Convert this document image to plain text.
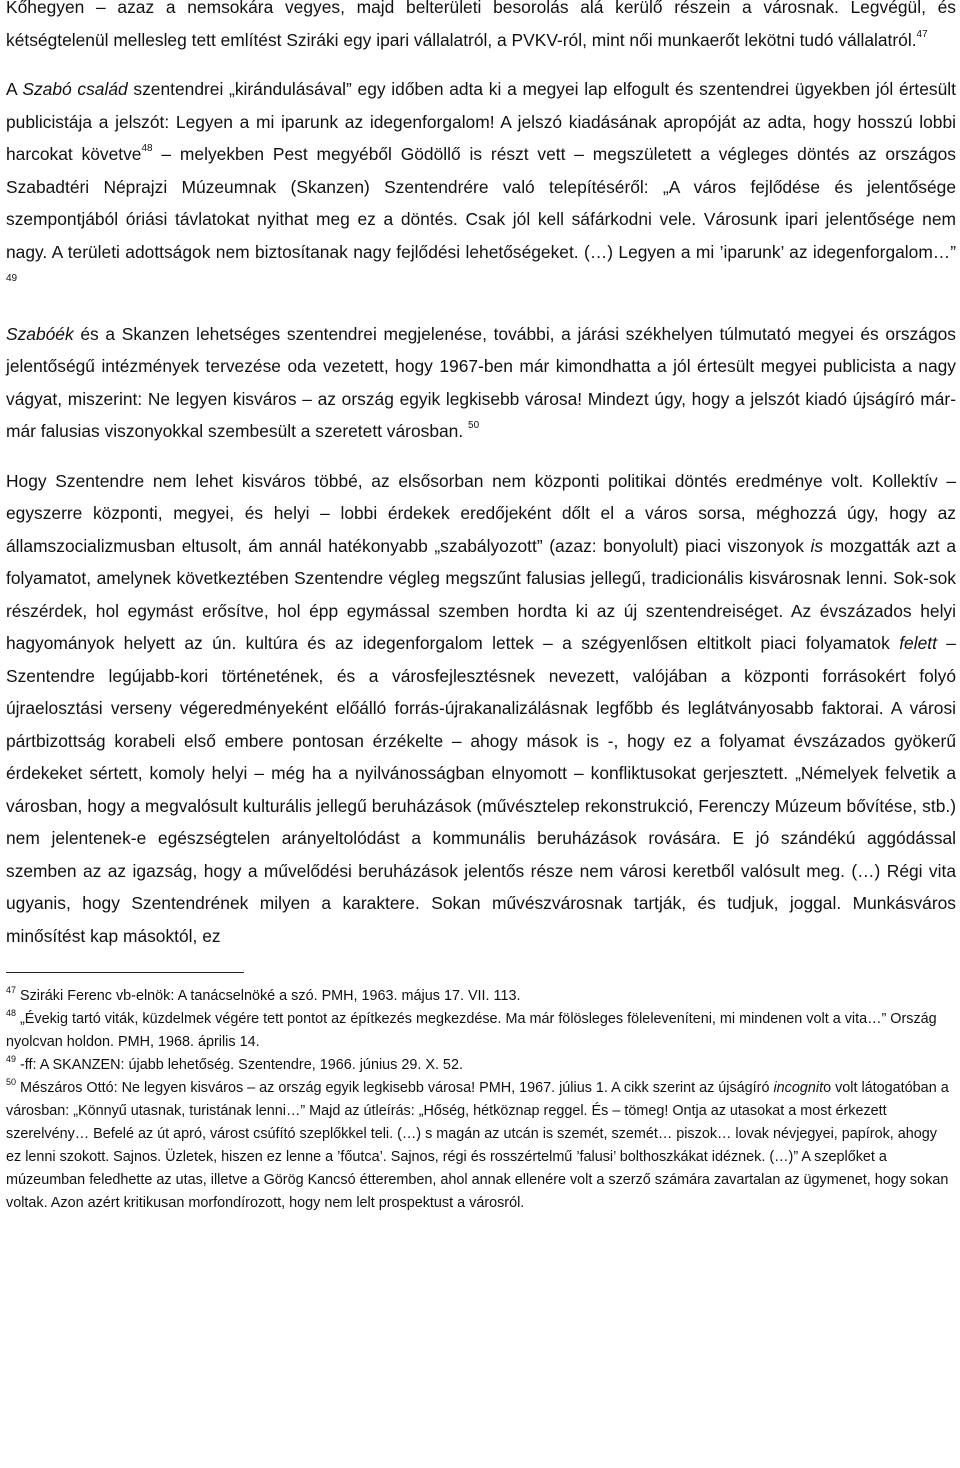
Kőhegyen – azaz a nemsokára vegyes, majd belterületi besorolás alá kerülő részein a városnak. Legvégül, és kétségtelenül mellesleg tett említést Sziráki egy ipari vállalatról, a PVKV-ról, mint női munkaerőt lekötni tudó vállalatról.$^{47}$

A Szabó család szentendrei „kirándulásával” egy időben adta ki a megyei lap elfogult és szentendrei ügyekben jól értesült publicistája a jelszót: Legyen a mi iparunk az idegenforgalom! A jelszó kiadásának apropóját az adta, hogy hosszú lobbi harcokat követve$^{48}$ – melyekben Pest megyéből Gödöllő is részt vett – megszületett a végleges döntés az országos Szabadtéri Néprajzi Múzeumnak (Skanzen) Szentendrére való telepítéséről: „A város fejlődése és jelentősége szempontjából óriási távlatokat nyithat meg ez a döntés. Csak jól kell sáfárkodni vele. Városunk ipari jelentősége nem nagy. A területi adottságok nem biztosítanak nagy fejlődési lehetőségeket. (…) Legyen a mi ’iparunk’ az idegenforgalom…” $^{49}$

Szabóék és a Skanzen lehetséges szentendrei megjelenése, további, a járási székhelyen túlmutató megyei és országos jelentőségű intézmények tervezése oda vezetett, hogy 1967-ben már kimondhatta a jól értesült megyei publicista a nagy vágyat, miszerint: Ne legyen kisváros – az ország egyik legkisebb városa! Mindezt úgy, hogy a jelszót kiadó újságíró már-már falusias viszonyokkal szembesült a szeretett városban. $^{50}$

Hogy Szentendre nem lehet kisváros többé, az elsősorban nem központi politikai döntés eredménye volt. Kollektív – egyszerre központi, megyei, és helyi – lobbi érdekek eredőjeként dőlt el a város sorsa, méghozzá úgy, hogy az államszocializmusban eltusolt, ám annál hatékonyabb „szabályozott” (azaz: bonyolult) piaci viszonyok is mozgatták azt a folyamatot, amelynek következtében Szentendre végleg megszűnt falusias jellegű, tradicionális kisvárosnak lenni. Sok-sok részérdek, hol egymást erősítve, hol épp egymással szemben hordta ki az új szentendreiséget. Az évszázados helyi hagyományok helyett az ún. kultúra és az idegenforgalom lettek – a szégyenlősen eltitkolt piaci folyamatok felett – Szentendre legújabb-kori történetének, és a városfejlesztésnek nevezett, valójában a központi forrásokért folyó újraelosztási verseny végeredményeként előálló forrás-újrakanalizálásnak legfőbb és leglátványosabb faktorai. A városi pártbizottság korabeli első embere pontosan érzékelte – ahogy mások is -, hogy ez a folyamat évszázados gyökerű érdekeket sértett, komoly helyi – még ha a nyilvánosságban elnyomott – konfliktusokat gerjesztett. „Némelyek felvetik a városban, hogy a megvalósult kulturális jellegű beruházások (művésztelep rekonstrukció, Ferenczy Múzeum bővítése, stb.) nem jelentenek-e egészségtelen arányeltolódást a kommunális beruházások rovására. E jó szándékú aggódással szemben az az igazság, hogy a művelődési beruházások jelentős része nem városi keretből valósult meg. (…) Régi vita ugyanis, hogy Szentendrének milyen a karaktere. Sokan művészvárosnak tartják, és tudjuk, joggal. Munkásváros minősítést kap másoktól, ez

$^{47}$ Sziráki Ferenc vb-elnök: A tanácselnöké a szó. PMH, 1963. május 17. VII. 113.
$^{48}$ „Évekig tartó viták, küzdelmek végére tett pontot az építkezés megkezdése. Ma már fölösleges föleleveníteni, mi mindenen volt a vita…” Ország nyolcvan holdon. PMH, 1968. április 14.
$^{49}$ -ff: A SKANZEN: újabb lehetőség. Szentendre, 1966. június 29. X. 52.
$^{50}$ Mészáros Ottó: Ne legyen kisváros – az ország egyik legkisebb városa! PMH, 1967. július 1. A cikk szerint az újságíró incognito volt látogatóban a városban: „Könnyű utasnak, turistának lenni…” Majd az útleírás: „Hőség, hétköznap reggel. És – tömeg! Ontja az utasokat a most érkezett szerelvény… Befelé az út apró, várost csúfító szeplőkkel teli. (…) s magán az utcán is szemét, szemét… piszok… lovak névjegyei, papírok, ahogy ez lenni szokott. Sajnos. Üzletek, hiszen ez lenne a ’főutca’. Sajnos, régi és rosszértelmű ’falusi’ bolthoszkákat idéznek. (…)” A szeplőket a múzeumban feledhette az utas, illetve a Görög Kancsó étteremben, ahol annak ellenére volt a szerző számára zavartalan az ügymenet, hogy sokan voltak. Azon azért kritikusan morfondírozott, hogy nem lelt prospektust a városról.
